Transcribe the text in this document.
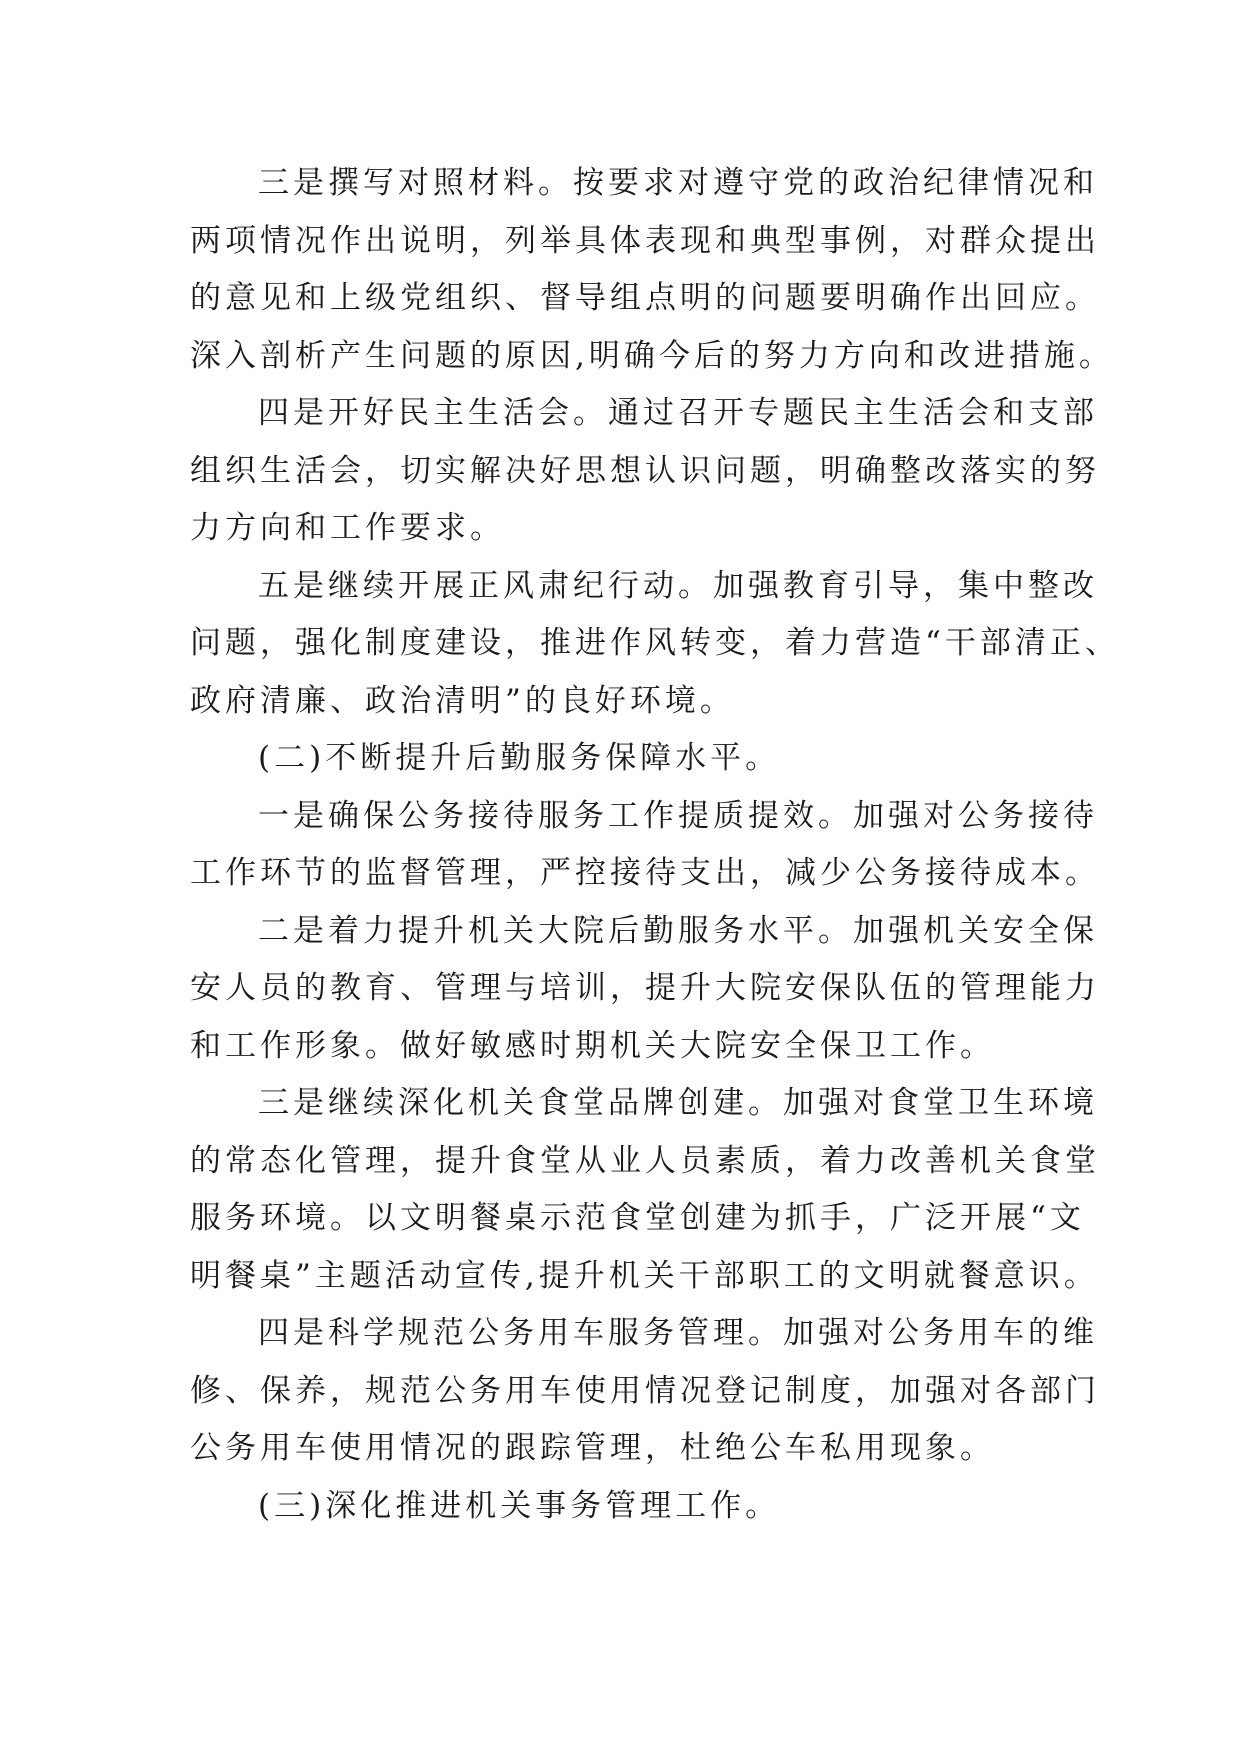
三是撰写对照材料。按要求对遵守党的政治纪律情况和
两项情况作出说明，列举具体表现和典型事例，对群众提出
的意见和上级党组织、督导组点明的问题要明确作出回应。
深入剖析产生问题的原因,明确今后的努力方向和改进措施。
四是开好民主生活会。通过召开专题民主生活会和支部
组织生活会，切实解决好思想认识问题，明确整改落实的努
力方向和工作要求。
五是继续开展正风肃纪行动。加强教育引导，集中整改
问题，强化制度建设，推进作风转变，着力营造“干部清正、
政府清廉、政治清明”的良好环境。
(二)不断提升后勤服务保障水平。
一是确保公务接待服务工作提质提效。加强对公务接待
工作环节的监督管理，严控接待支出，减少公务接待成本。
二是着力提升机关大院后勤服务水平。加强机关安全保
安人员的教育、管理与培训，提升大院安保队伍的管理能力
和工作形象。做好敏感时期机关大院安全保卫工作。
三是继续深化机关食堂品牌创建。加强对食堂卫生环境
的常态化管理，提升食堂从业人员素质，着力改善机关食堂
服务环境。以文明餐桌示范食堂创建为抓手，广泛开展“文
明餐桌”主题活动宣传,提升机关干部职工的文明就餐意识。
四是科学规范公务用车服务管理。加强对公务用车的维
修、保养，规范公务用车使用情况登记制度，加强对各部门
公务用车使用情况的跟踪管理，杜绝公车私用现象。
(三)深化推进机关事务管理工作。
